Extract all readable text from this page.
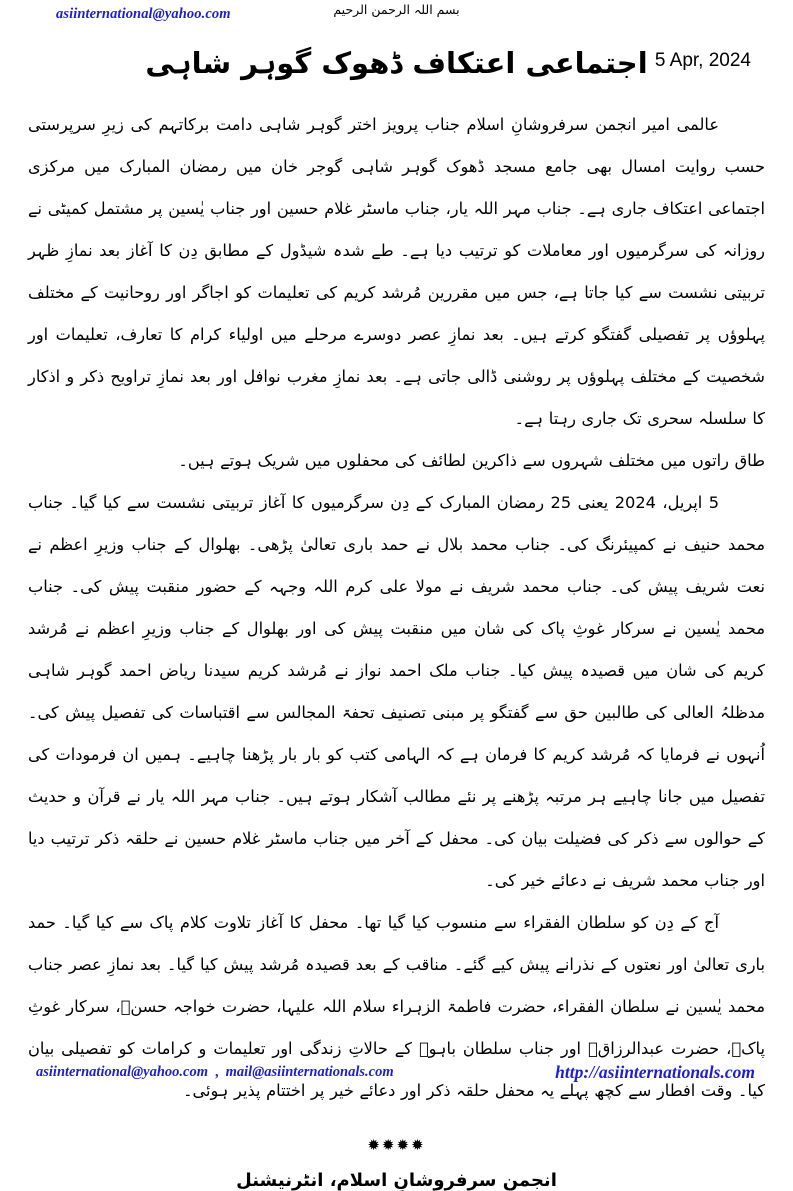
asiinternational@yahoo.com	بسم اللہ الرحمن الرحیم
اجتماعی اعتکاف ڈھوک گوہر شاہی 5 Apr, 2024

عالمی امیر انجمن سرفروشانِ اسلام جناب پرویز اختر گوہر شاہی دامت برکاتہم کی زیرِ سرپرستی حسب روایت امسال بھی جامع مسجد ڈھوک گوہر شاہی گوجر خان میں رمضان المبارک میں مرکزی اجتماعی اعتکاف جاری ہے۔ جناب مہر اللہ یار، جناب ماسٹر غلام حسین اور جناب یٰسین پر مشتمل کمیٹی نے روزانہ کی سرگرمیوں اور معاملات کو ترتیب دیا ہے۔ طے شدہ شیڈول کے مطابق دِن کا آغاز بعد نمازِ ظہر تربیتی نشست سے کیا جاتا ہے، جس میں مقررین مُرشد کریم کی تعلیمات کو اجاگر اور روحانیت کے مختلف پہلوؤں پر تفصیلی گفتگو کرتے ہیں۔ بعد نمازِ عصر دوسرے مرحلے میں اولیاء کرام کا تعارف، تعلیمات اور شخصیت کے مختلف پہلوؤں پر روشنی ڈالی جاتی ہے۔ بعد نمازِ مغرب نوافل اور بعد نمازِ تراویح ذکر و اذکار کا سلسلہ سحری تک جاری رہتا ہے۔

طاق راتوں میں مختلف شہروں سے ذاکرین لطائف کی محفلوں میں شریک ہوتے ہیں۔

5 اپریل، 2024 یعنی 25 رمضان المبارک کے دِن سرگرمیوں کا آغاز تربیتی نشست سے کیا گیا۔ جناب محمد حنیف نے کمپیئرنگ کی۔ جناب محمد بلال نے حمد باری تعالیٰ پڑھی۔ بھلوال کے جناب وزیرِ اعظم نے نعت شریف پیش کی۔ جناب محمد شریف نے مولا علی کرم اللہ وجہہ کے حضور منقبت پیش کی۔ جناب محمد یٰسین نے سرکار غوثِ پاک کی شان میں منقبت پیش کی اور بھلوال کے جناب وزیرِ اعظم نے مُرشد کریم کی شان میں قصیدہ پیش کیا۔ جناب ملک احمد نواز نے مُرشد کریم سیدنا ریاض احمد گوہر شاہی مدظلہُ العالی کی طالبین حق سے گفتگو پر مبنی تصنیف تحفۃ المجالس سے اقتباسات کی تفصیل پیش کی۔ اُنہوں نے فرمایا کہ مُرشد کریم کا فرمان ہے کہ الہامی کتب کو بار بار پڑھنا چاہیے۔ ہمیں ان فرمودات کی تفصیل میں جانا چاہیے ہر مرتبہ پڑھنے پر نئے مطالب آشکار ہوتے ہیں۔ جناب مہر اللہ یار نے قرآن و حدیث کے حوالوں سے ذکر کی فضیلت بیان کی۔ محفل کے آخر میں جناب ماسٹر غلام حسین نے حلقہ ذکر ترتیب دیا اور جناب محمد شریف نے دعائے خیر کی۔

آج کے دِن کو سلطان الفقراء سے منسوب کیا گیا تھا۔ محفل کا آغاز تلاوت کلام پاک سے کیا گیا۔ حمد باری تعالیٰ اور نعتوں کے نذرانے پیش کیے گئے۔ مناقب کے بعد قصیدہ مُرشد پیش کیا گیا۔ بعد نمازِ عصر جناب محمد یٰسین نے سلطان الفقراء، حضرت فاطمۃ الزہراء سلام اللہ علیہا، حضرت خواجہ حسنؒ، سرکار غوثِ پاکؒ، حضرت عبدالرزاقؒ اور جناب سلطان باہوؒ کے حالاتِ زندگی اور تعلیمات و کرامات کو تفصیلی بیان کیا۔ وقت افطار سے کچھ پہلے یہ محفل حلقہ ذکر اور دعائے خیر پر اختتام پذیر ہوئی۔

✹✹✹✹
انجمن سرفروشانِ اسلام، انٹرنیشنل
asiinternational@yahoo.com , mail@asiinternationals.com	http://asiinternationals.com
